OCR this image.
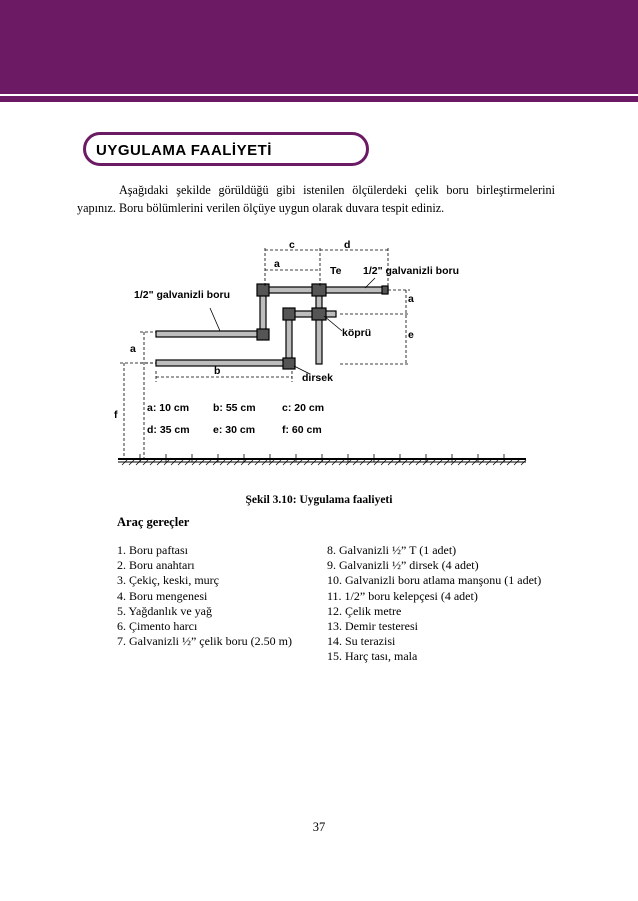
UYGULAMA FAALİYETİ

Aşağıdaki şekilde görüldüğü gibi istenilen ölçülerdeki çelik boru birleştirmelerini

yapınız. Boru bölümlerini verilen ölçüye uygun olarak duvara tespit ediniz.

1/2" galvanizli boru
1/2" galvanizli boru
Te
köprü
dirsek
c	d
a
a
e
a
b
f
a: 10 cm b: 55 cm	c: 20 cm
d: 35 cm e: 30 cm	f: 60 cm
Şekil 3.10: Uygulama faaliyeti
Araç gereçler
1. Boru paftası
2. Boru anahtarı
3. Çekiç, keski, murç
4. Boru mengenesi
5. Yağdanlık ve yağ
6. Çimento harcı
7. Galvanizli ½” çelik boru (2.50 m)
8. Galvanizli ½” T (1 adet)
9. Galvanizli ½” dirsek (4 adet)
10. Galvanizli boru atlama manşonu (1 adet)
11. 1/2” boru kelepçesi (4 adet)
12. Çelik metre
13. Demir testeresi
14. Su terazisi
15. Harç tası, mala
37
